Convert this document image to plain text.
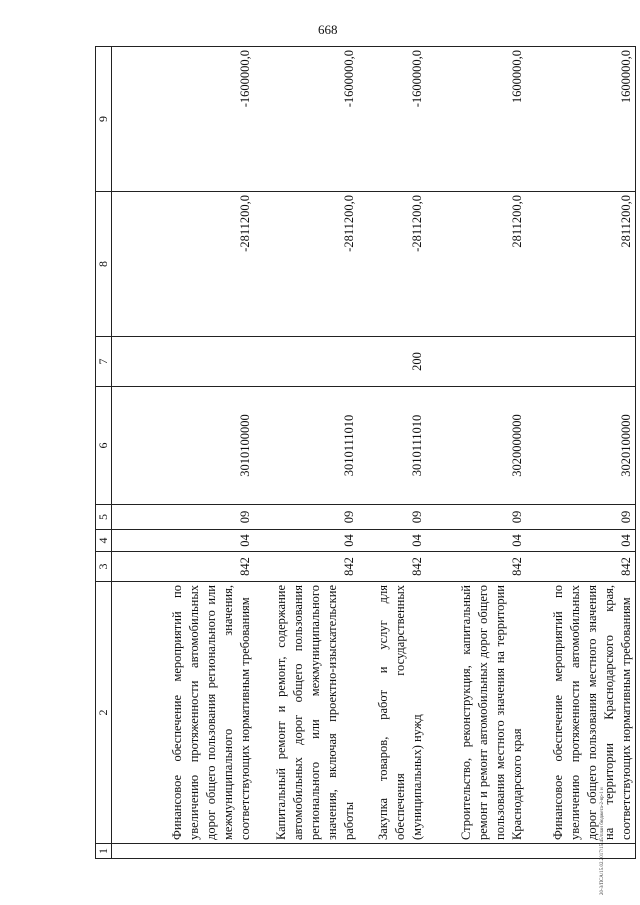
668
20-3/ПСА/15.02.2017/15:45/план бюджета-2-вр-1 н
1	2	3	4	5	6	7	8	9
	Финансовое обеспечение мероприятий по увеличению протяженности автомобильных дорог общего пользования регионального или межмуниципального значения, соответствующих нормативным требованиям	842	04	09	3010100000		-2811200,0	-1600000,0
	Капитальный ремонт и ремонт, содержание автомобильных дорог общего пользования регионального или межмуниципального значения, включая проектно-изыскательские работы	842	04	09	3010111010		-2811200,0	-1600000,0
	Закупка товаров, работ и услуг для обеспечения государственных (муниципальных) нужд	842	04	09	3010111010	200	-2811200,0	-1600000,0
	Строительство, реконструкция, капитальный ремонт и ремонт автомобильных дорог общего пользования местного значения на территории Краснодарского края	842	04	09	3020000000		2811200,0	1600000,0
	Финансовое обеспечение мероприятий по увеличению протяженности автомобильных дорог общего пользования местного значения на территории Краснодарского края, соответствующих нормативным требованиям	842	04	09	3020100000		2811200,0	1600000,0
